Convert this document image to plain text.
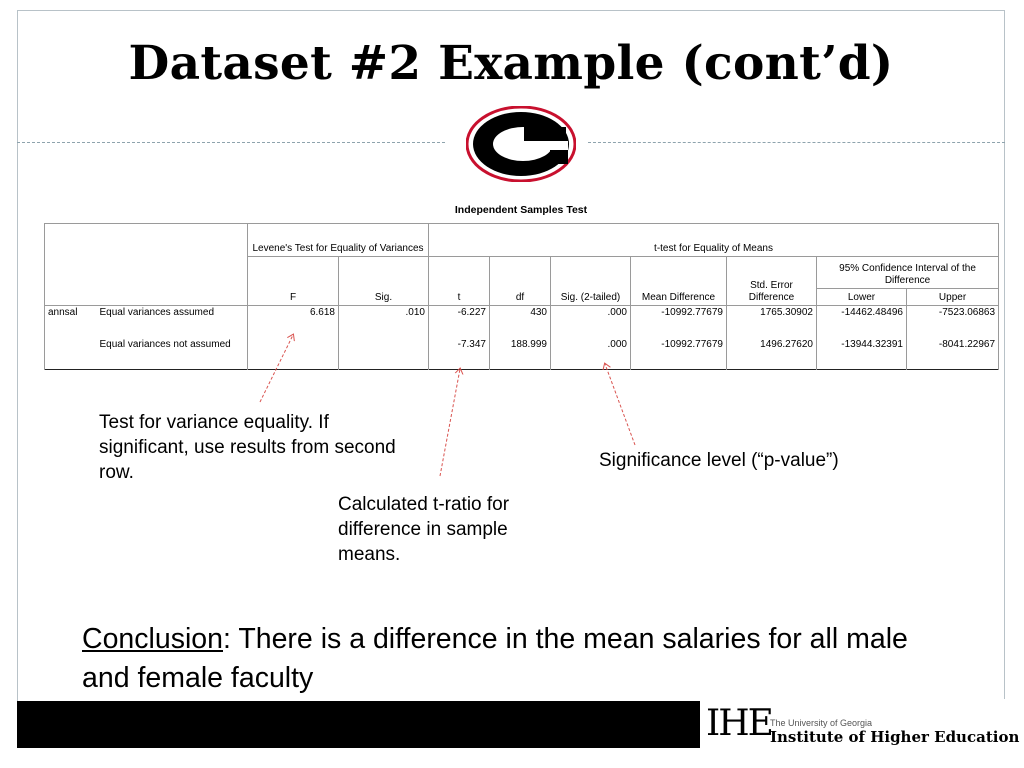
Dataset #2 Example (cont’d)
Independent Samples Test
		Levene's Test for Equality of Variances		t-test for Equality of Means						
		F	Sig.	t	df	Sig. (2-tailed)	Mean Difference	Std. Error Difference	95% Confidence Interval of the Difference	
									Lower	Upper
annsal	Equal variances assumed	6.618	.010	-6.227	430	.000	-10992.77679	1765.30902	-14462.48496	-7523.06863
	Equal variances not assumed			-7.347	188.999	.000	-10992.77679	1496.27620	-13944.32391	-8041.22967
Test for variance equality. If significant, use results from second row.
Calculated t-ratio for difference in sample means.
Significance level (“p-value”)
Conclusion: There is a difference in the mean salaries for all male and female faculty
IHE
The University of Georgia
Institute of Higher Education
